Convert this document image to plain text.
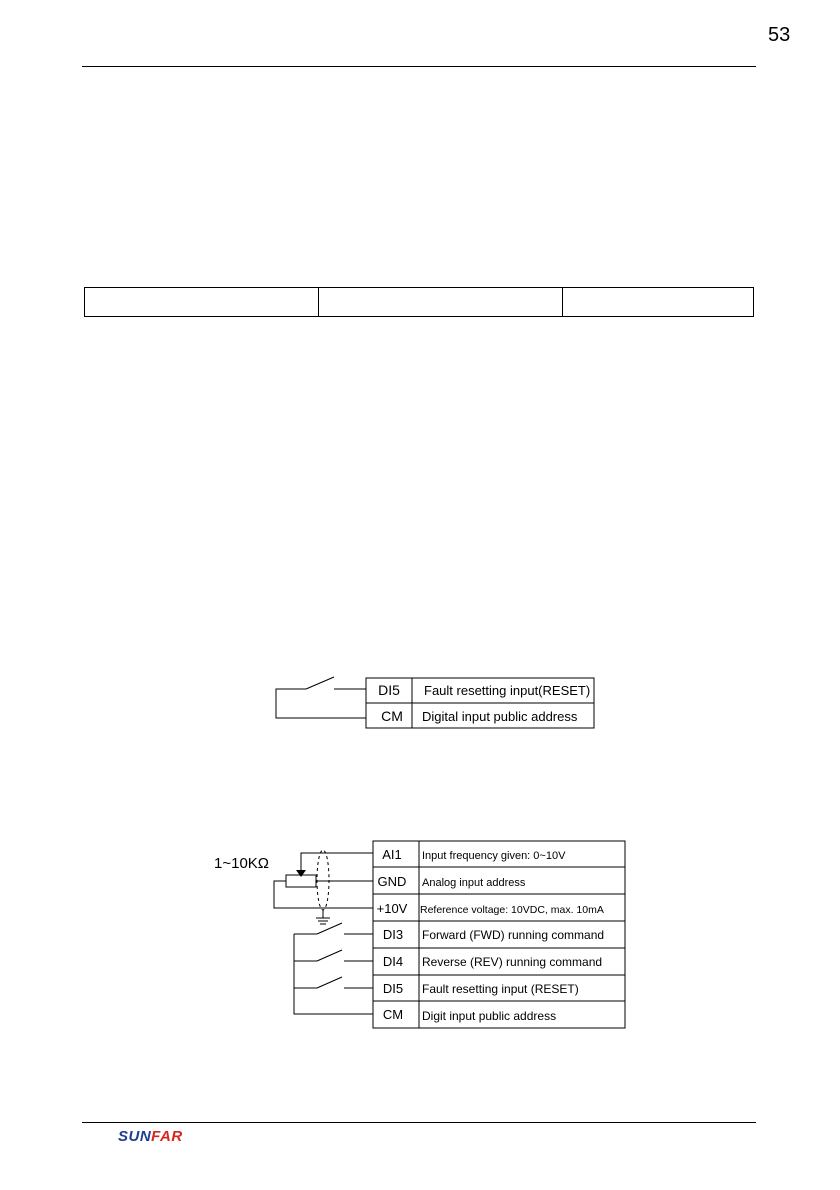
53
DI5 Fault resetting input(RESET)
CM Digital input public address
1~10KΩ
AI1 Input frequency given: 0~10V
GND Analog input address
+10V Reference voltage: 10VDC, max. 10mA
DI3 Forward (FWD) running command
DI4 Reverse (REV) running command
DI5 Fault resetting input (RESET)
CM Digit input public address
SUNFAR
